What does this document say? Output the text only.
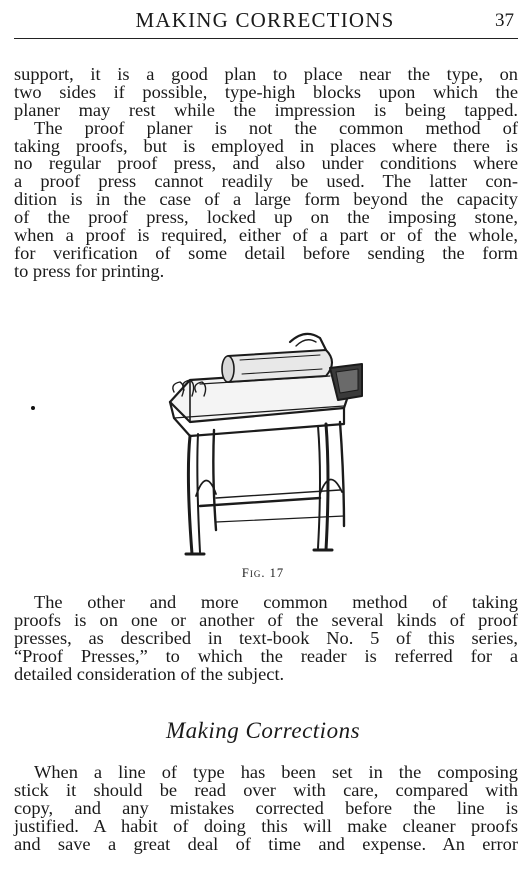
MAKING CORRECTIONS	37
support, it is a good plan to place near the type, on
two sides if possible, type-high blocks upon which the
planer may rest while the impression is being tapped.
The proof planer is not the common method of
taking proofs, but is employed in places where there is
no regular proof press, and also under conditions where
a proof press cannot readily be used. The latter con-
dition is in the case of a large form beyond the capacity
of the proof press, locked up on the imposing stone,
when a proof is required, either of a part or of the whole,
for verification of some detail before sending the form
to press for printing.
Fig. 17
The other and more common method of taking
proofs is on one or another of the several kinds of proof
presses, as described in text-book No. 5 of this series,
“Proof Presses,” to which the reader is referred for a
detailed consideration of the subject.
Making Corrections
When a line of type has been set in the composing
stick it should be read over with care, compared with
copy, and any mistakes corrected before the line is
justified. A habit of doing this will make cleaner proofs
and save a great deal of time and expense. An error
